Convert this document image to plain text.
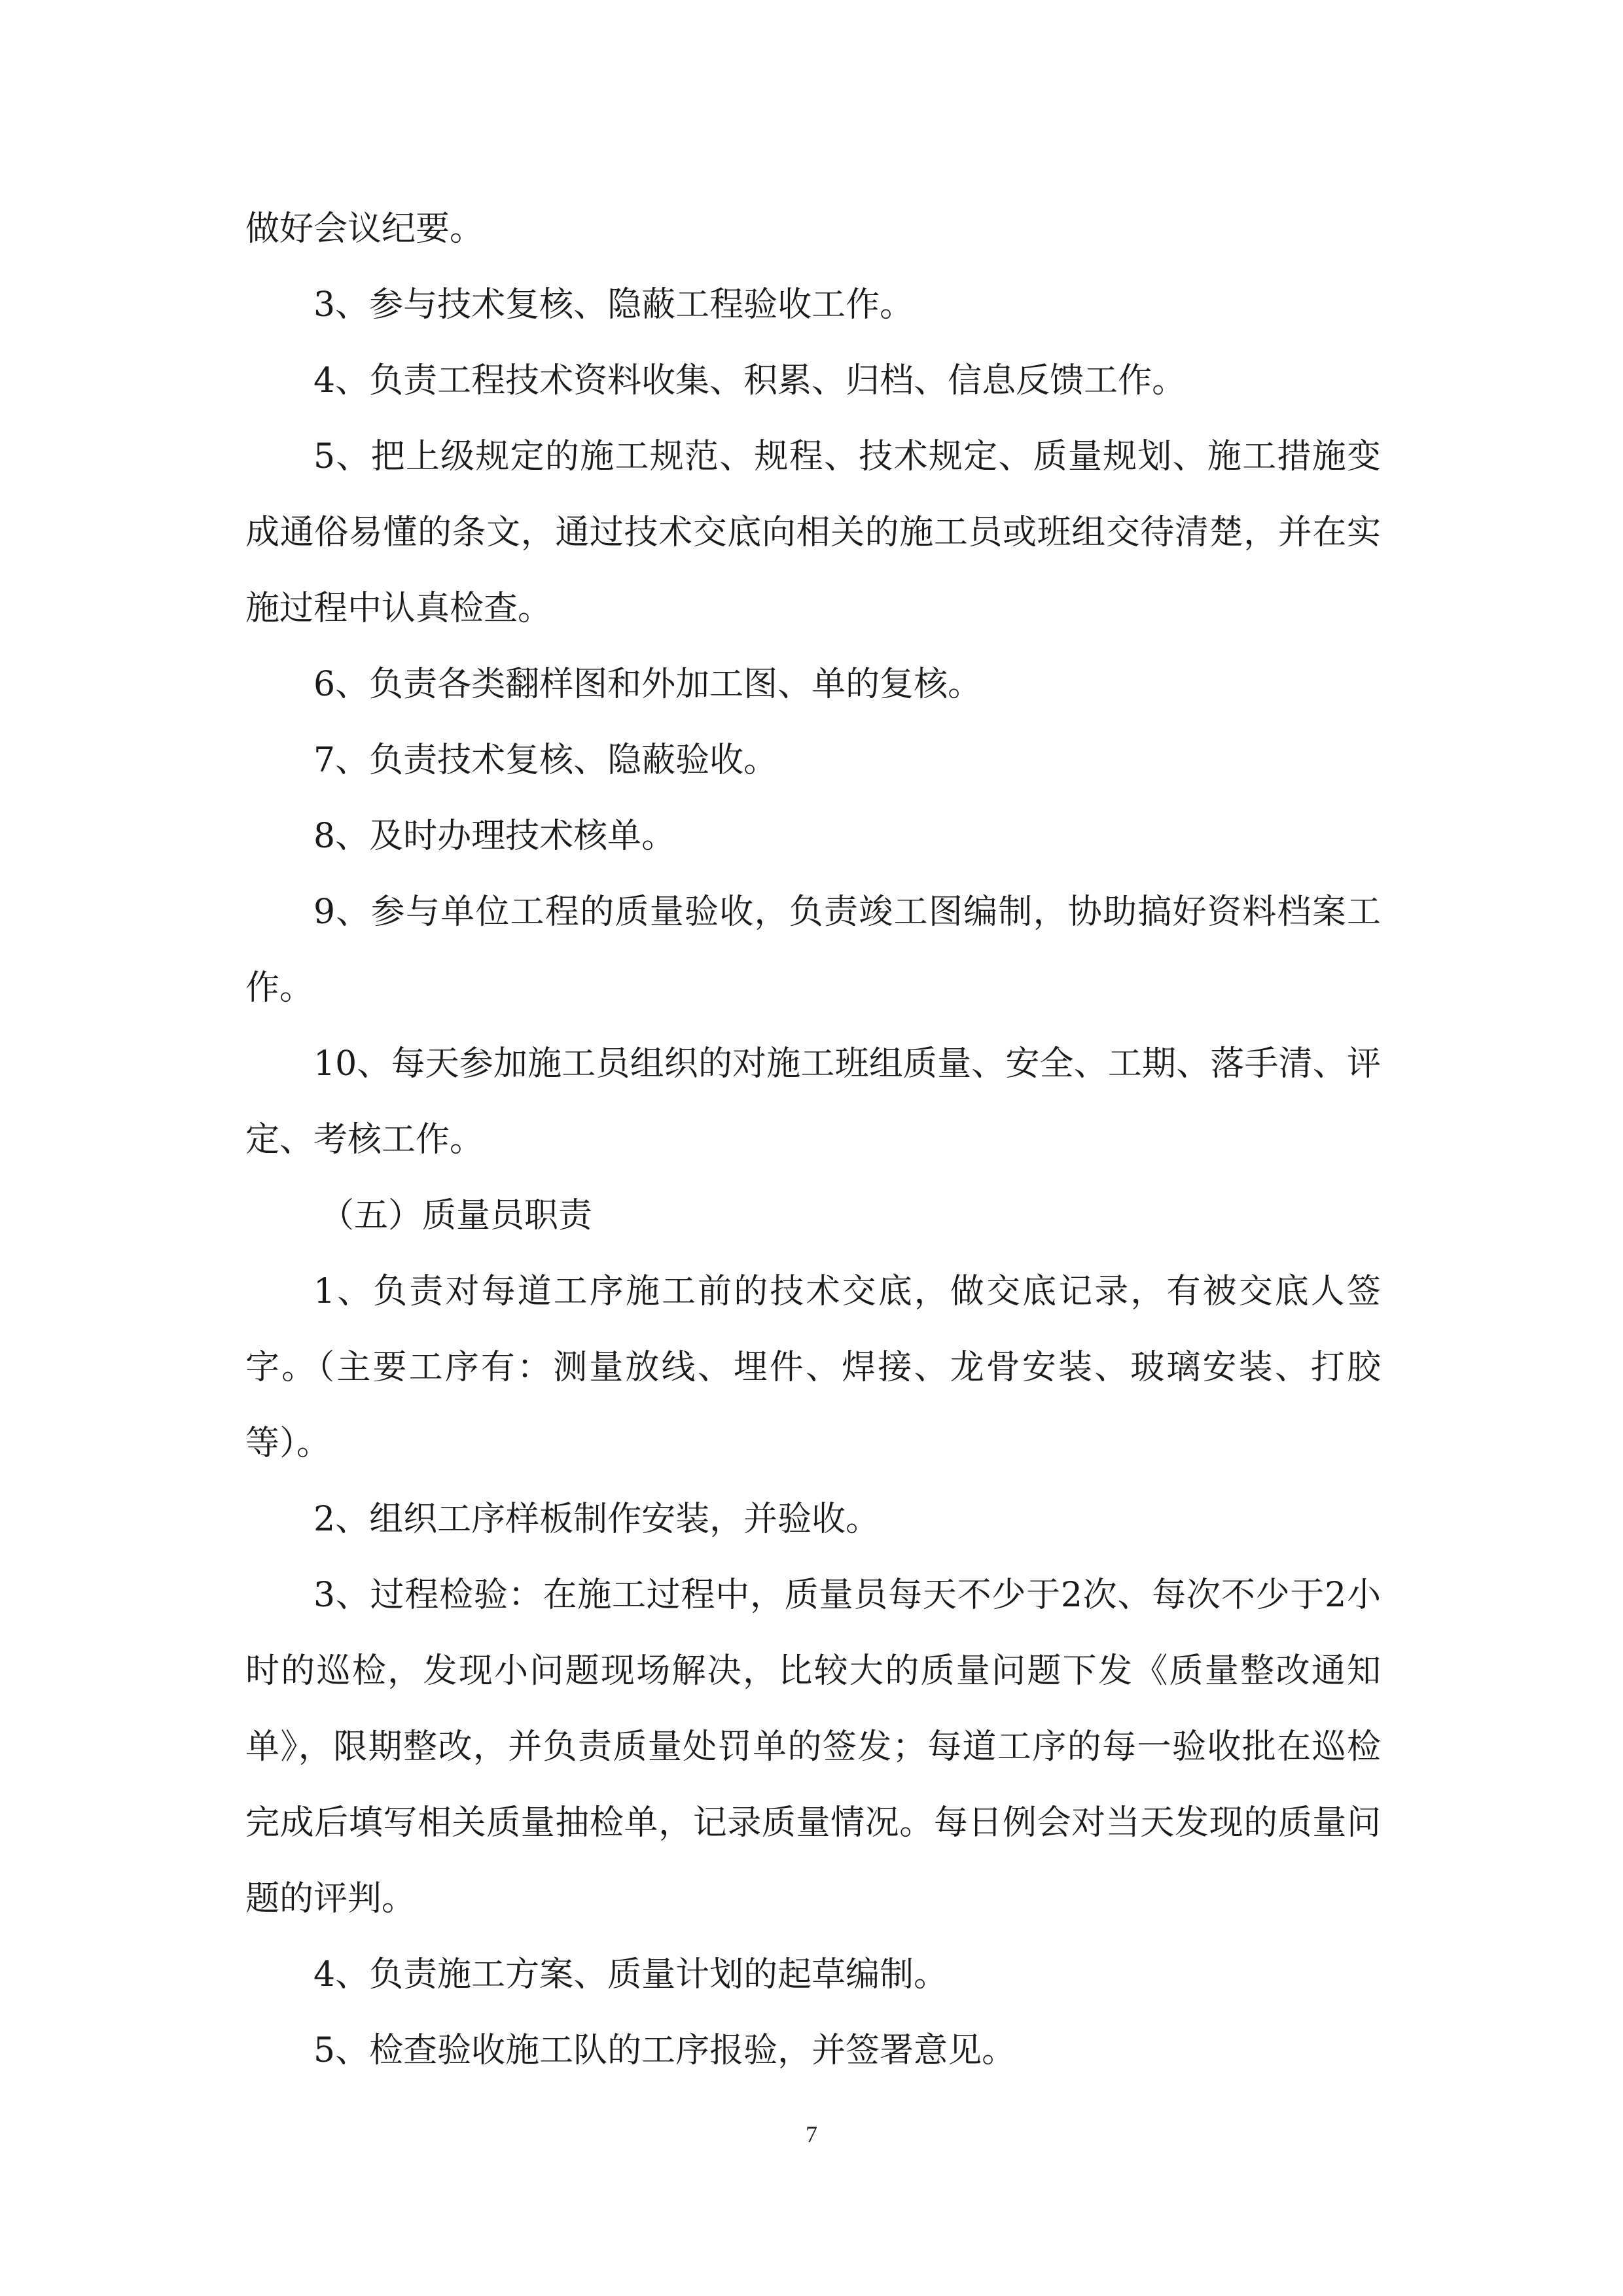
做好会议纪要。

3、参与技术复核、隐蔽工程验收工作。

4、负责工程技术资料收集、积累、归档、信息反馈工作。

5、把上级规定的施工规范、规程、技术规定、质量规划、施工措施变成通俗易懂的条文，通过技术交底向相关的施工员或班组交待清楚，并在实施过程中认真检查。

6、负责各类翻样图和外加工图、单的复核。

7、负责技术复核、隐蔽验收。

8、及时办理技术核单。

9、参与单位工程的质量验收，负责竣工图编制，协助搞好资料档案工作。

10、每天参加施工员组织的对施工班组质量、安全、工期、落手清、评定、考核工作。

（五）质量员职责

1、负责对每道工序施工前的技术交底，做交底记录，有被交底人签字。（主要工序有：测量放线、埋件、焊接、龙骨安装、玻璃安装、打胶等）。

2、组织工序样板制作安装，并验收。

3、过程检验：在施工过程中，质量员每天不少于2次、每次不少于2小时的巡检，发现小问题现场解决，比较大的质量问题下发《质量整改通知单》，限期整改，并负责质量处罚单的签发；每道工序的每一验收批在巡检完成后填写相关质量抽检单，记录质量情况。每日例会对当天发现的质量问题的评判。

4、负责施工方案、质量计划的起草编制。

5、检查验收施工队的工序报验，并签署意见。

7
